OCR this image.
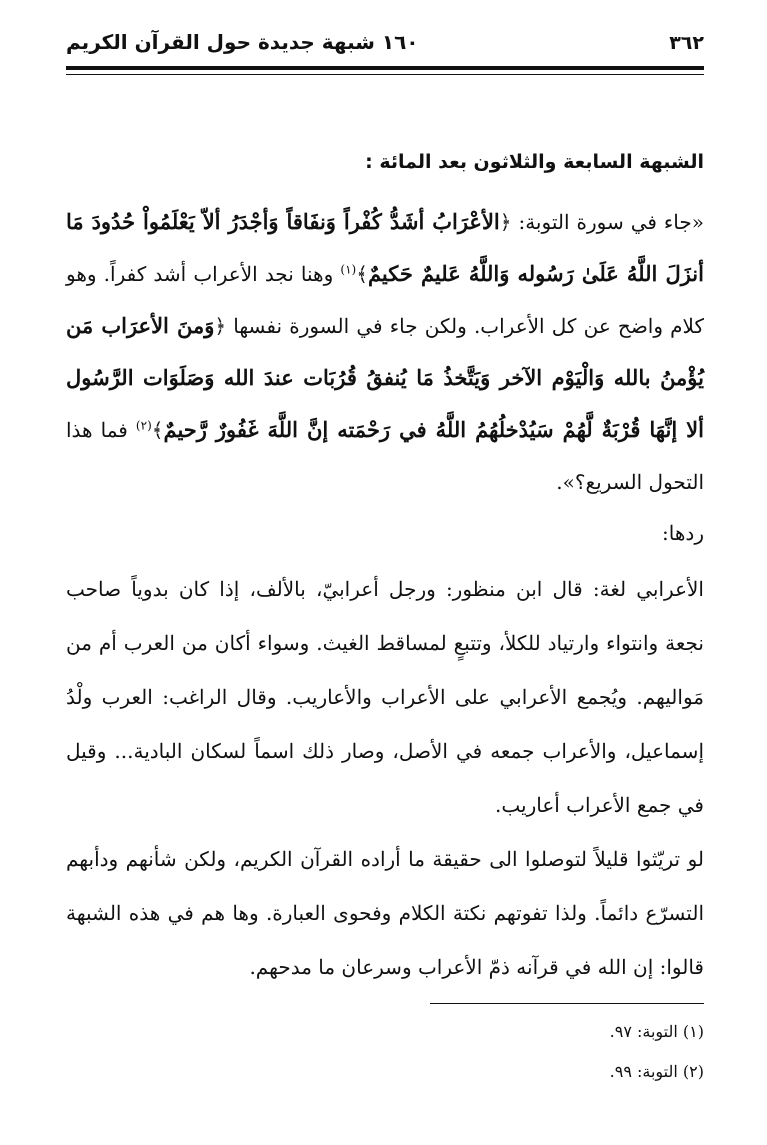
٣٦٢
١٦٠ شبهة جديدة حول القرآن الكريم
الشبهة السابعة والثلاثون بعد المائة :

«جاء في سورة التوبة: ﴿الأعْرَابُ أشَدُّ كُفْراً وَنفَاقاً وَأجْدَرُ ألاّ يَعْلَمُواْ حُدُودَ مَا أنزَلَ اللَّهُ عَلَىٰ رَسُوله وَاللَّهُ عَليمٌ حَكيمٌ﴾$^{(١)}$ وهنا نجد الأعراب أشد كفراً. وهو كلام واضح عن كل الأعراب. ولكن جاء في السورة نفسها ﴿وَمنَ الأعرَاب مَن يُؤْمنُ بالله وَالْيَوْم الآخر وَيَتَّخذُ مَا يُنفقُ قُرُبَات عندَ الله وَصَلَوَات الرَّسُول ألا إنَّهَا قُرْبَةٌ لَّهُمْ سَيُدْخلُهُمُ اللَّهُ في رَحْمَته إنَّ اللَّهَ غَفُورٌ رَّحيمٌ﴾$^{(٢)}$ فما هذا التحول السريع؟».

ردها:

الأعرابي لغة: قال ابن منظور: ورجل أعرابيّ، بالألف، إذا كان بدوياً صاحب نجعة وانتواء وارتياد للكلأ، وتتبعٍ لمساقط الغيث. وسواء أكان من العرب أم من مَواليهم. ويُجمع الأعرابي على الأعراب والأعاريب. وقال الراغب: العرب ولْدُ إسماعيل، والأعراب جمعه في الأصل، وصار ذلك اسماً لسكان البادية... وقيل في جمع الأعراب أعاريب.

لو تريّثوا قليلاً لتوصلوا الى حقيقة ما أراده القرآن الكريم، ولكن شأنهم ودأبهم التسرّع دائماً. ولذا تفوتهم نكتة الكلام وفحوى العبارة. وها هم في هذه الشبهة قالوا: إن الله في قرآنه ذمّ الأعراب وسرعان ما مدحهم.

(١) التوبة: ٩٧.
(٢) التوبة: ٩٩.
